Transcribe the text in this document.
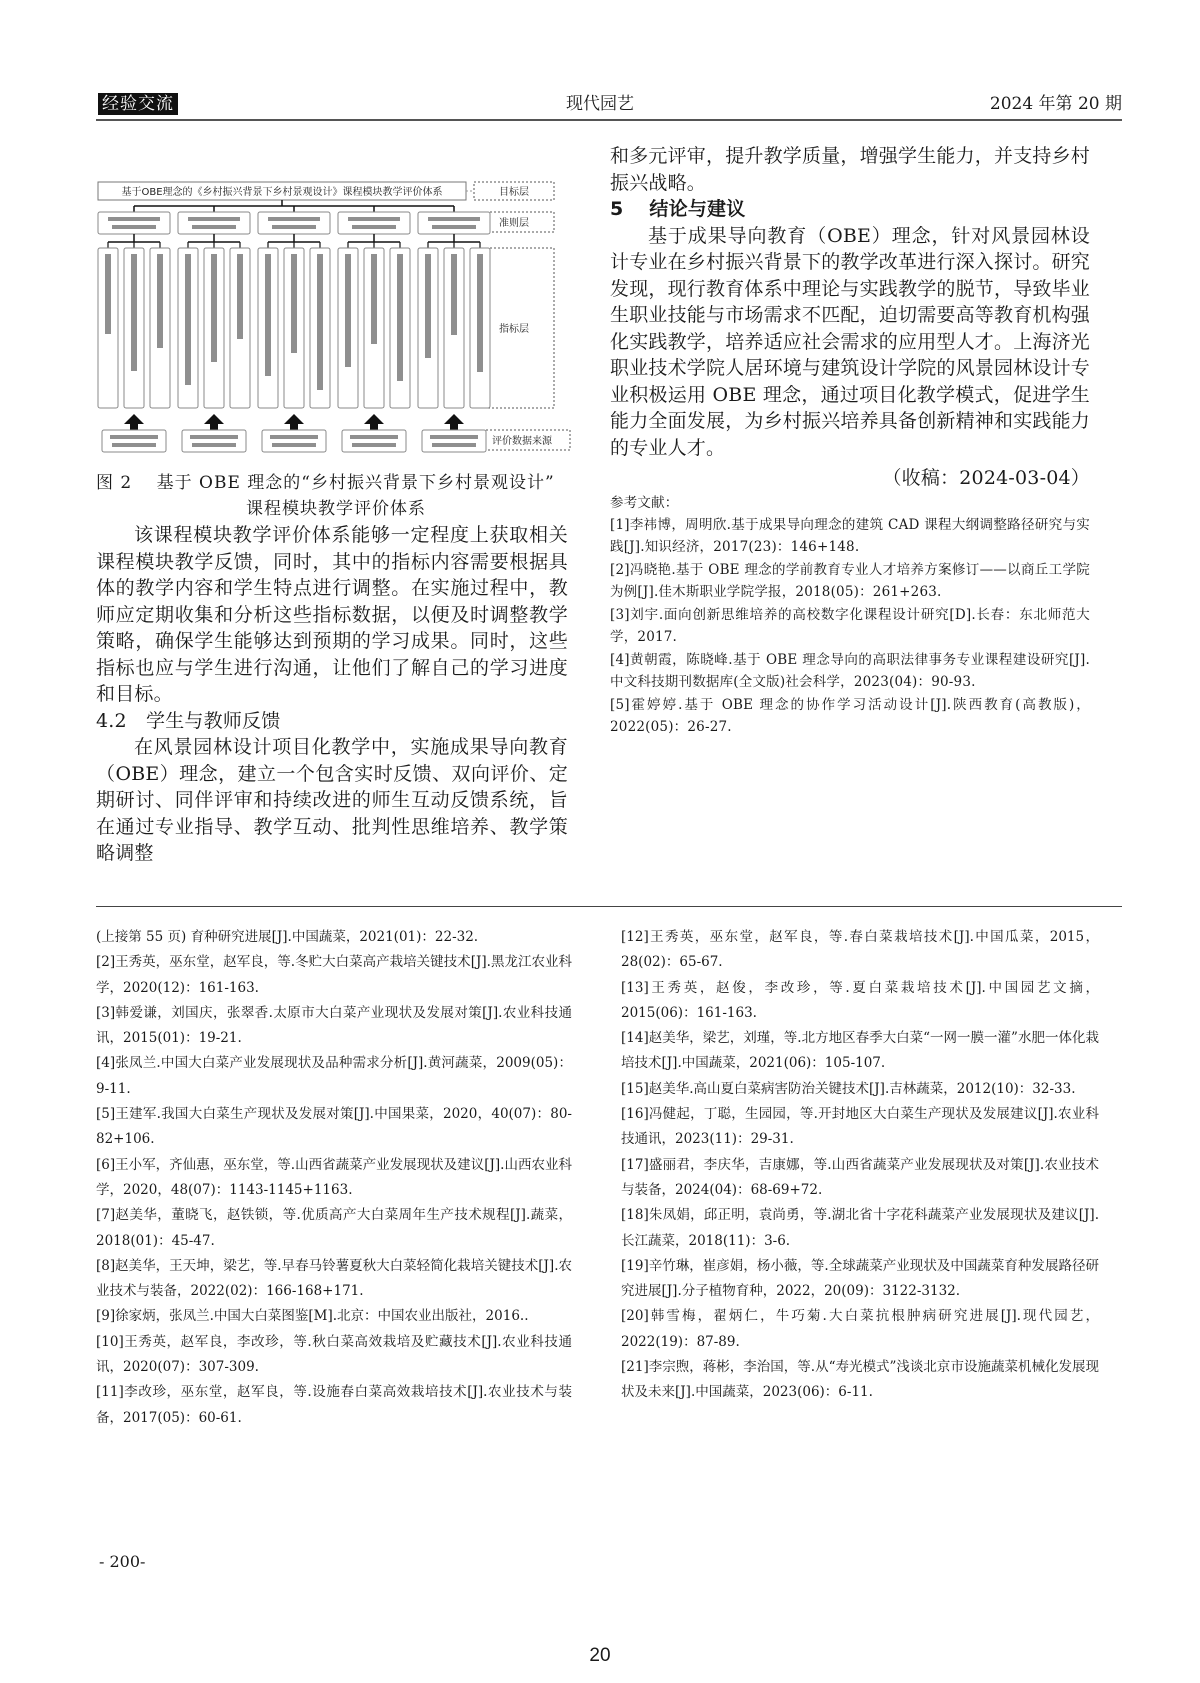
经验交流	现代园艺	2024 年第 20 期
基于OBE理念的《乡村振兴背景下乡村景观设计》课程模块教学评价体系	目标层
准则层
指标层
评价数据来源
图 2　 基于 OBE 理念的“乡村振兴背景下乡村景观设计”
课程模块教学评价体系

该课程模块教学评价体系能够一定程度上获取相关课程模块教学反馈，同时，其中的指标内容需要根据具体的教学内容和学生特点进行调整。在实施过程中，教师应定期收集和分析这些指标数据，以便及时调整教学策略，确保学生能够达到预期的学习成果。同时，这些指标也应与学生进行沟通，让他们了解自己的学习进度和目标。

4.2　学生与教师反馈

在风景园林设计项目化教学中，实施成果导向教育（OBE）理念，建立一个包含实时反馈、双向评价、定期研讨、同伴评审和持续改进的师生互动反馈系统，旨在通过专业指导、教学互动、批判性思维培养、教学策略调整

和多元评审，提升教学质量，增强学生能力，并支持乡村振兴战略。

5　 结论与建议

基于成果导向教育（OBE）理念，针对风景园林设计专业在乡村振兴背景下的教学改革进行深入探讨。研究发现，现行教育体系中理论与实践教学的脱节，导致毕业生职业技能与市场需求不匹配，迫切需要高等教育机构强化实践教学，培养适应社会需求的应用型人才。上海济光职业技术学院人居环境与建筑设计学院的风景园林设计专业积极运用 OBE 理念，通过项目化教学模式，促进学生能力全面发展，为乡村振兴培养具备创新精神和实践能力的专业人才。

（收稿：2024-03-04）

参考文献：

[1]李祎博，周明欣.基于成果导向理念的建筑 CAD 课程大纲调整路径研究与实践[J].知识经济，2017(23)：146+148.

[2]冯晓艳.基于 OBE 理念的学前教育专业人才培养方案修订——以商丘工学院为例[J].佳木斯职业学院学报，2018(05)：261+263.

[3]刘宇.面向创新思维培养的高校数字化课程设计研究[D].长春：东北师范大学，2017.

[4]黄朝霞，陈晓峰.基于 OBE 理念导向的高职法律事务专业课程建设研究[J].中文科技期刊数据库(全文版)社会科学，2023(04)：90-93.

[5]霍婷婷.基于 OBE 理念的协作学习活动设计[J].陕西教育(高教版)，2022(05)：26-27.

(上接第 55 页) 育种研究进展[J].中国蔬菜，2021(01)：22-32.

[2]王秀英，巫东堂，赵军良，等.冬贮大白菜高产栽培关键技术[J].黑龙江农业科学，2020(12)：161-163.

[3]韩爱谦，刘国庆，张翠香.太原市大白菜产业现状及发展对策[J].农业科技通讯，2015(01)：19-21.

[4]张凤兰.中国大白菜产业发展现状及品种需求分析[J].黄河蔬菜，2009(05)：9-11.

[5]王建军.我国大白菜生产现状及发展对策[J].中国果菜，2020，40(07)：80-82+106.

[6]王小军，齐仙惠，巫东堂，等.山西省蔬菜产业发展现状及建议[J].山西农业科学，2020，48(07)：1143-1145+1163.

[7]赵美华，董晓飞，赵铁锁，等.优质高产大白菜周年生产技术规程[J].蔬菜，2018(01)：45-47.

[8]赵美华，王天坤，梁艺，等.早春马铃薯夏秋大白菜轻简化栽培关键技术[J].农业技术与装备，2022(02)：166-168+171.

[9]徐家炳，张凤兰.中国大白菜图鉴[M].北京：中国农业出版社，2016..

[10]王秀英，赵军良，李改珍，等.秋白菜高效栽培及贮藏技术[J].农业科技通讯，2020(07)：307-309.

[11]李改珍，巫东堂，赵军良，等.设施春白菜高效栽培技术[J].农业技术与装备，2017(05)：60-61.

[12]王秀英，巫东堂，赵军良，等.春白菜栽培技术[J].中国瓜菜，2015，28(02)：65-67.

[13]王秀英，赵俊，李改珍，等.夏白菜栽培技术[J].中国园艺文摘，2015(06)：161-163.

[14]赵美华，梁艺，刘瑾，等.北方地区春季大白菜“一网一膜一灌”水肥一体化栽培技术[J].中国蔬菜，2021(06)：105-107.

[15]赵美华.高山夏白菜病害防治关键技术[J].吉林蔬菜，2012(10)：32-33.

[16]冯健起，丁聪，生园园，等.开封地区大白菜生产现状及发展建议[J].农业科技通讯，2023(11)：29-31.

[17]盛丽君，李庆华，吉康娜，等.山西省蔬菜产业发展现状及对策[J].农业技术与装备，2024(04)：68-69+72.

[18]朱凤娟，邱正明，袁尚勇，等.湖北省十字花科蔬菜产业发展现状及建议[J].长江蔬菜，2018(11)：3-6.

[19]辛竹琳，崔彦娟，杨小薇，等.全球蔬菜产业现状及中国蔬菜育种发展路径研究进展[J].分子植物育种，2022，20(09)：3122-3132.

[20]韩雪梅，翟炳仁，牛巧菊.大白菜抗根肿病研究进展[J].现代园艺，2022(19)：87-89.

[21]李宗煦，蒋彬，李治国，等.从“寿光模式”浅谈北京市设施蔬菜机械化发展现状及未来[J].中国蔬菜，2023(06)：6-11.

- 200-
20
